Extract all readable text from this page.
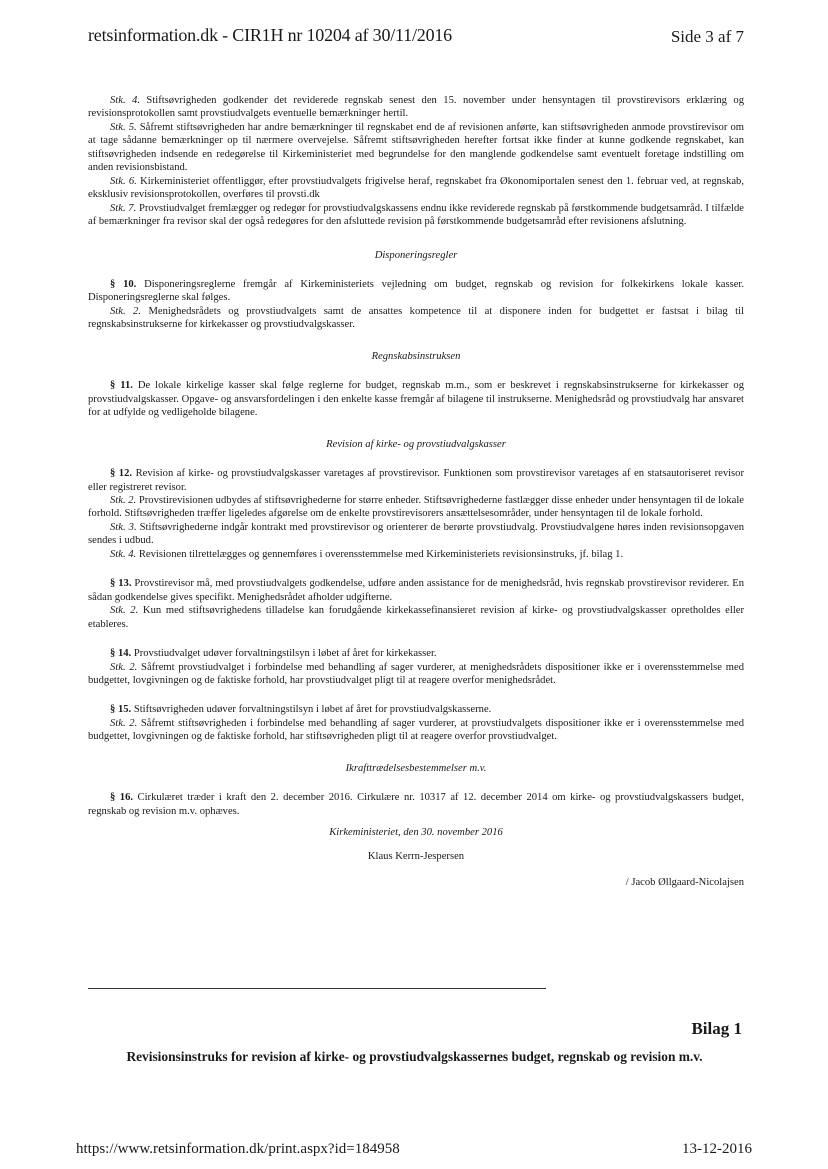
retsinformation.dk - CIR1H nr 10204 af 30/11/2016	Side 3 af 7

Stk. 4. Stiftsøvrigheden godkender det reviderede regnskab senest den 15. november under hensyntagen til provstirevisors erklæring og revisionsprotokollen samt provstiudvalgets eventuelle bemærkninger hertil.

Stk. 5. Såfremt stiftsøvrigheden har andre bemærkninger til regnskabet end de af revisionen anførte, kan stiftsøvrigheden anmode provstirevisor om at tage sådanne bemærkninger op til nærmere overvejelse. Såfremt stiftsøvrigheden herefter fortsat ikke finder at kunne godkende regnskabet, kan stiftsøvrigheden indsende en redegørelse til Kirkeministeriet med begrundelse for den manglende godkendelse samt eventuelt foretage indstilling om anden revisionsbistand.

Stk. 6. Kirkeministeriet offentliggør, efter provstiudvalgets frigivelse heraf, regnskabet fra Økonomiportalen senest den 1. februar ved, at regnskab, eksklusiv revisionsprotokollen, overføres til provsti.dk

Stk. 7. Provstiudvalget fremlægger og redegør for provstiudvalgskassens endnu ikke reviderede regnskab på førstkommende budgetsamråd. I tilfælde af bemærkninger fra revisor skal der også redegøres for den afsluttede revision på førstkommende budgetsamråd efter revisionens afslutning.

Disponeringsregler

§ 10. Disponeringsreglerne fremgår af Kirkeministeriets vejledning om budget, regnskab og revision for folkekirkens lokale kasser. Disponeringsreglerne skal følges.

Stk. 2. Menighedsrådets og provstiudvalgets samt de ansattes kompetence til at disponere inden for budgettet er fastsat i bilag til regnskabsinstrukserne for kirkekasser og provstiudvalgskasser.

Regnskabsinstruksen

§ 11. De lokale kirkelige kasser skal følge reglerne for budget, regnskab m.m., som er beskrevet i regnskabsinstrukserne for kirkekasser og provstiudvalgskasser. Opgave- og ansvarsfordelingen i den enkelte kasse fremgår af bilagene til instrukserne. Menighedsråd og provstiudvalg har ansvaret for at udfylde og vedligeholde bilagene.

Revision af kirke- og provstiudvalgskasser

§ 12. Revision af kirke- og provstiudvalgskasser varetages af provstirevisor. Funktionen som provstirevisor varetages af en statsautoriseret revisor eller registreret revisor.

Stk. 2. Provstirevisionen udbydes af stiftsøvrighederne for større enheder. Stiftsøvrighederne fastlægger disse enheder under hensyntagen til de lokale forhold. Stiftsøvrigheden træffer ligeledes afgørelse om de enkelte provstirevisorers ansættelsesområder, under hensyntagen til de lokale forhold.

Stk. 3. Stiftsøvrighederne indgår kontrakt med provstirevisor og orienterer de berørte provstiudvalg. Provstiudvalgene høres inden revisionsopgaven sendes i udbud.

Stk. 4. Revisionen tilrettelægges og gennemføres i overensstemmelse med Kirkeministeriets revisionsinstruks, jf. bilag 1.

§ 13. Provstirevisor må, med provstiudvalgets godkendelse, udføre anden assistance for de menighedsråd, hvis regnskab provstirevisor reviderer. En sådan godkendelse gives specifikt. Menighedsrådet afholder udgifterne.

Stk. 2. Kun med stiftsøvrighedens tilladelse kan forudgående kirkekassefinansieret revision af kirke- og provstiudvalgskasser opretholdes eller etableres.

§ 14. Provstiudvalget udøver forvaltningstilsyn i løbet af året for kirkekasser.

Stk. 2. Såfremt provstiudvalget i forbindelse med behandling af sager vurderer, at menighedsrådets dispositioner ikke er i overensstemmelse med budgettet, lovgivningen og de faktiske forhold, har provstiudvalget pligt til at reagere overfor menighedsrådet.

§ 15. Stiftsøvrigheden udøver forvaltningstilsyn i løbet af året for provstiudvalgskasserne.

Stk. 2. Såfremt stiftsøvrigheden i forbindelse med behandling af sager vurderer, at provstiudvalgets dispositioner ikke er i overensstemmelse med budgettet, lovgivningen og de faktiske forhold, har stiftsøvrigheden pligt til at reagere overfor provstiudvalget.

Ikrafttrædelsesbestemmelser m.v.

§ 16. Cirkulæret træder i kraft den 2. december 2016. Cirkulære nr. 10317 af 12. december 2014 om kirke- og provstiudvalgskassers budget, regnskab og revision m.v. ophæves.

Kirkeministeriet, den 30. november 2016
Klaus Kerrn-Jespersen
/ Jacob Øllgaard-Nicolajsen
Bilag 1
Revisionsinstruks for revision af kirke- og provstiudvalgskassernes budget, regnskab og revision m.v.
https://www.retsinformation.dk/print.aspx?id=184958	13-12-2016
